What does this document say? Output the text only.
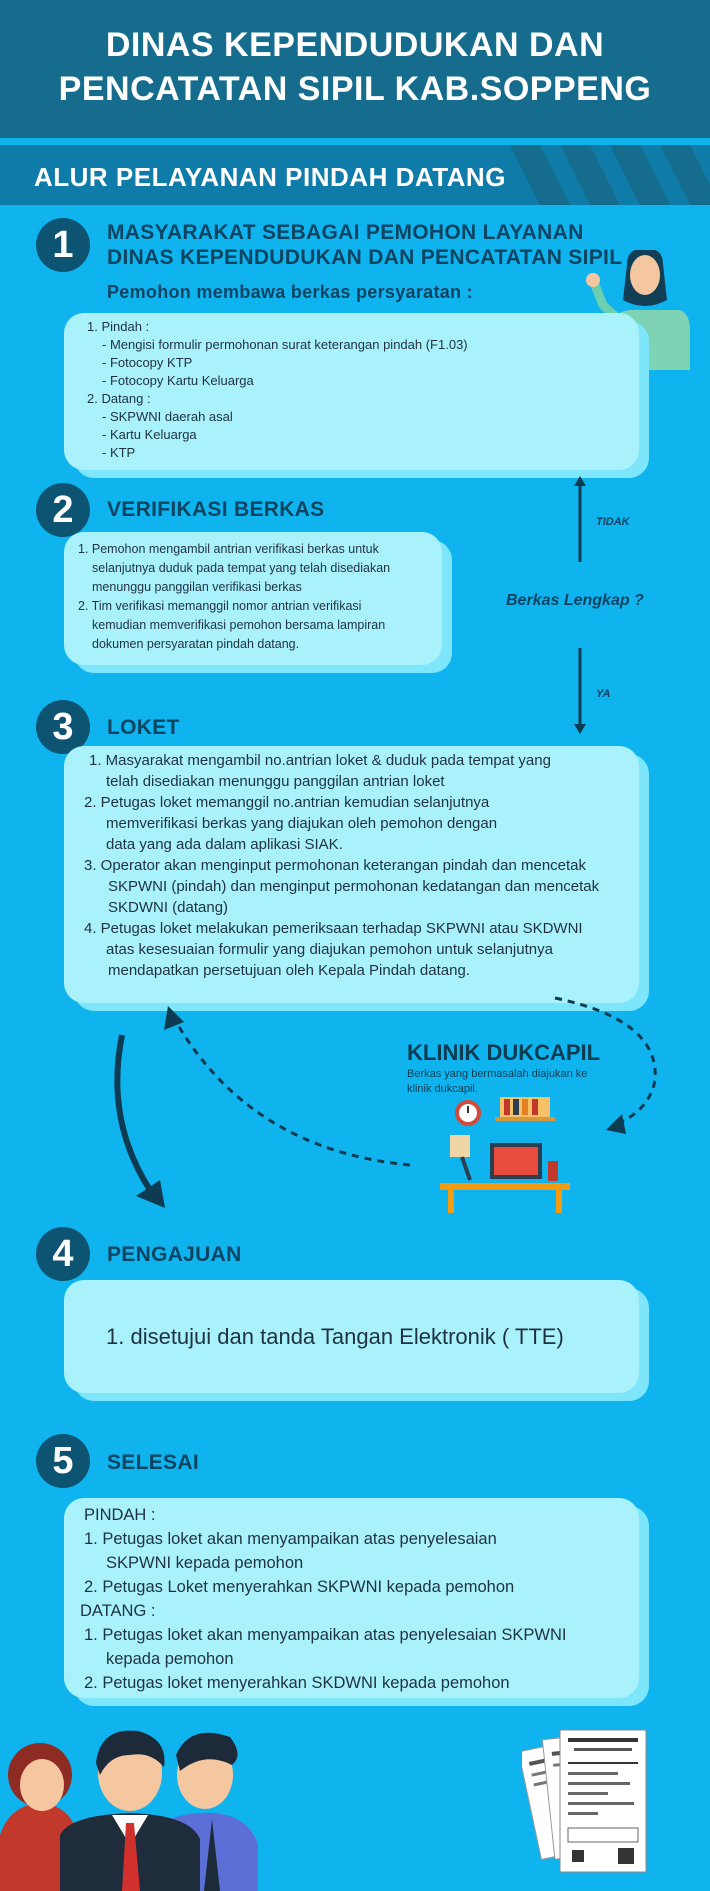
DINAS KEPENDUDUKAN DAN
PENCATATAN SIPIL KAB.SOPPENG
ALUR PELAYANAN PINDAH DATANG
1	MASYARAKAT SEBAGAI PEMOHON LAYANAN
DINAS KEPENDUDUKAN DAN PENCATATAN SIPIL
Pemohon membawa berkas persyaratan :
1. Pindah :
- Mengisi formulir permohonan surat keterangan pindah (F1.03)
- Fotocopy KTP
- Fotocopy Kartu Keluarga
2. Datang :
- SKPWNI daerah asal
- Kartu Keluarga
- KTP
2	VERIFIKASI BERKAS
1. Pemohon mengambil antrian verifikasi berkas untuk
selanjutnya duduk pada tempat yang telah disediakan
menunggu panggilan verifikasi berkas
2. Tim verifikasi memanggil nomor antrian verifikasi
kemudian memverifikasi pemohon bersama lampiran
dokumen persyaratan pindah datang.
TIDAK
Berkas Lengkap ?
YA
3	LOKET
1. Masyarakat mengambil no.antrian loket & duduk pada tempat yang
telah disediakan menunggu panggilan antrian loket
2. Petugas loket memanggil no.antrian kemudian selanjutnya
memverifikasi berkas yang diajukan oleh pemohon dengan
data yang ada dalam aplikasi SIAK.
3. Operator akan menginput permohonan keterangan pindah dan mencetak
SKPWNI (pindah) dan menginput permohonan kedatangan dan mencetak
SKDWNI (datang)
4. Petugas loket melakukan pemeriksaan terhadap SKPWNI atau SKDWNI
atas kesesuaian formulir yang diajukan pemohon untuk selanjutnya
mendapatkan persetujuan oleh Kepala Pindah datang.
KLINIK DUKCAPIL
Berkas yang bermasalah diajukan ke
klinik dukcapil.
4	PENGAJUAN
1. disetujui dan tanda Tangan Elektronik ( TTE)
5	SELESAI
PINDAH :
1. Petugas loket akan menyampaikan atas penyelesaian
SKPWNI kepada pemohon
2. Petugas Loket menyerahkan SKPWNI kepada pemohon
DATANG :
1. Petugas loket akan menyampaikan atas penyelesaian SKPWNI
kepada pemohon
2. Petugas loket menyerahkan SKDWNI kepada pemohon
